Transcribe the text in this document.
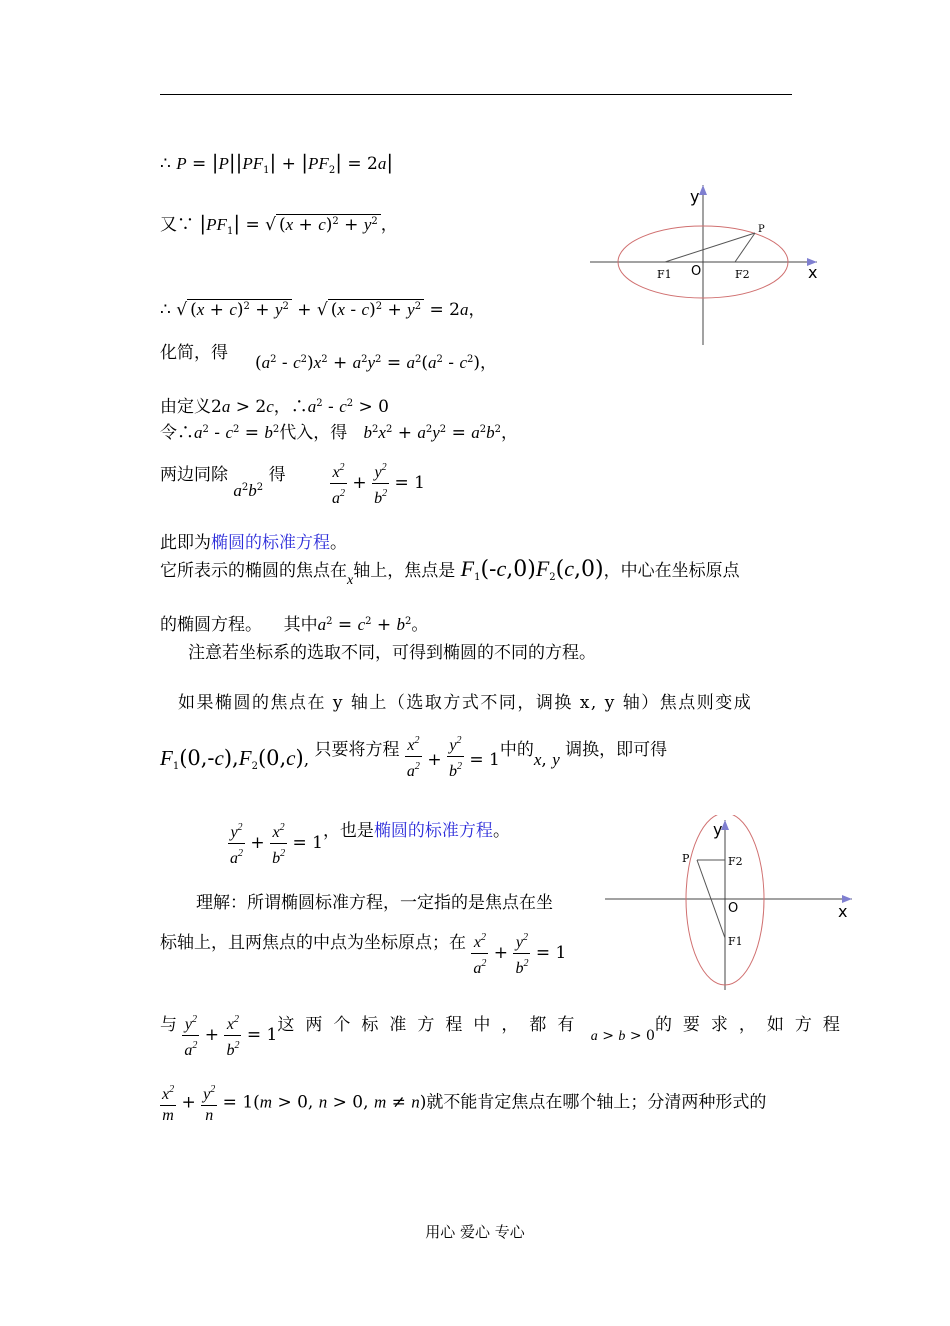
∴ $P = |P||PF_1| + |PF_2| = 2a|$
又∵ $|PF_1|$ = √ $(x + c)^2 + y^2$ ，
y
x
O
F1	F2
P
∴ √ $(x + c)^2 + y^2$ + √ $(x - c)^2 + y^2 = 2a$，
化简，得 $(a^2 - c^2)x^2 + a^2y^2 = a^2(a^2 - c^2)$，
由定义2a > 2c，$\therefore a^2 - c^2 > 0$
令$\therefore a^2 - c^2 = b^2$代入，得 $b^2x^2 + a^2y^2 = a^2b^2$，
两边同除 $a^2b^2$ 得	$\frac{x^2}{a^2} + \frac{y^2}{b^2} = 1$
此即为椭圆的标准方程。
它所表示的椭圆的焦点在$_x$轴上，焦点是 $F_1(-c,0)F_2(c,0)$，中心在坐标原点
的椭圆方程。 其中$a^2 = c^2 + b^2$。
注意若坐标系的选取不同，可得到椭圆的不同的方程。
如果椭圆的焦点在 y 轴上（选取方式不同，调换 x, y 轴）焦点则变成
$F_1(0,-c),F_2(0,c)$, 只要将方程 $\frac{x^2}{a^2} + \frac{y^2}{b^2} = 1$中的x, y 调换，即可得
$\frac{y^2}{a^2} + \frac{x^2}{b^2} = 1$，也是椭圆的标准方程。	y
x
O
F2
F1
P
理解：所谓椭圆标准方程，一定指的是焦点在坐
标轴上，且两焦点的中点为坐标原点；在 $\frac{x^2}{a^2} + \frac{y^2}{b^2} = 1$
与 $\frac{y^2}{a^2} + \frac{x^2}{b^2} = 1$这两个标准方程中，都有 a > b > 0的要求，如方程
$\frac{x^2}{m} + \frac{y^2}{n} = 1(m > 0$, n > 0, m ≠ n)就不能肯定焦点在哪个轴上；分清两种形式的
用心 爱心 专心
